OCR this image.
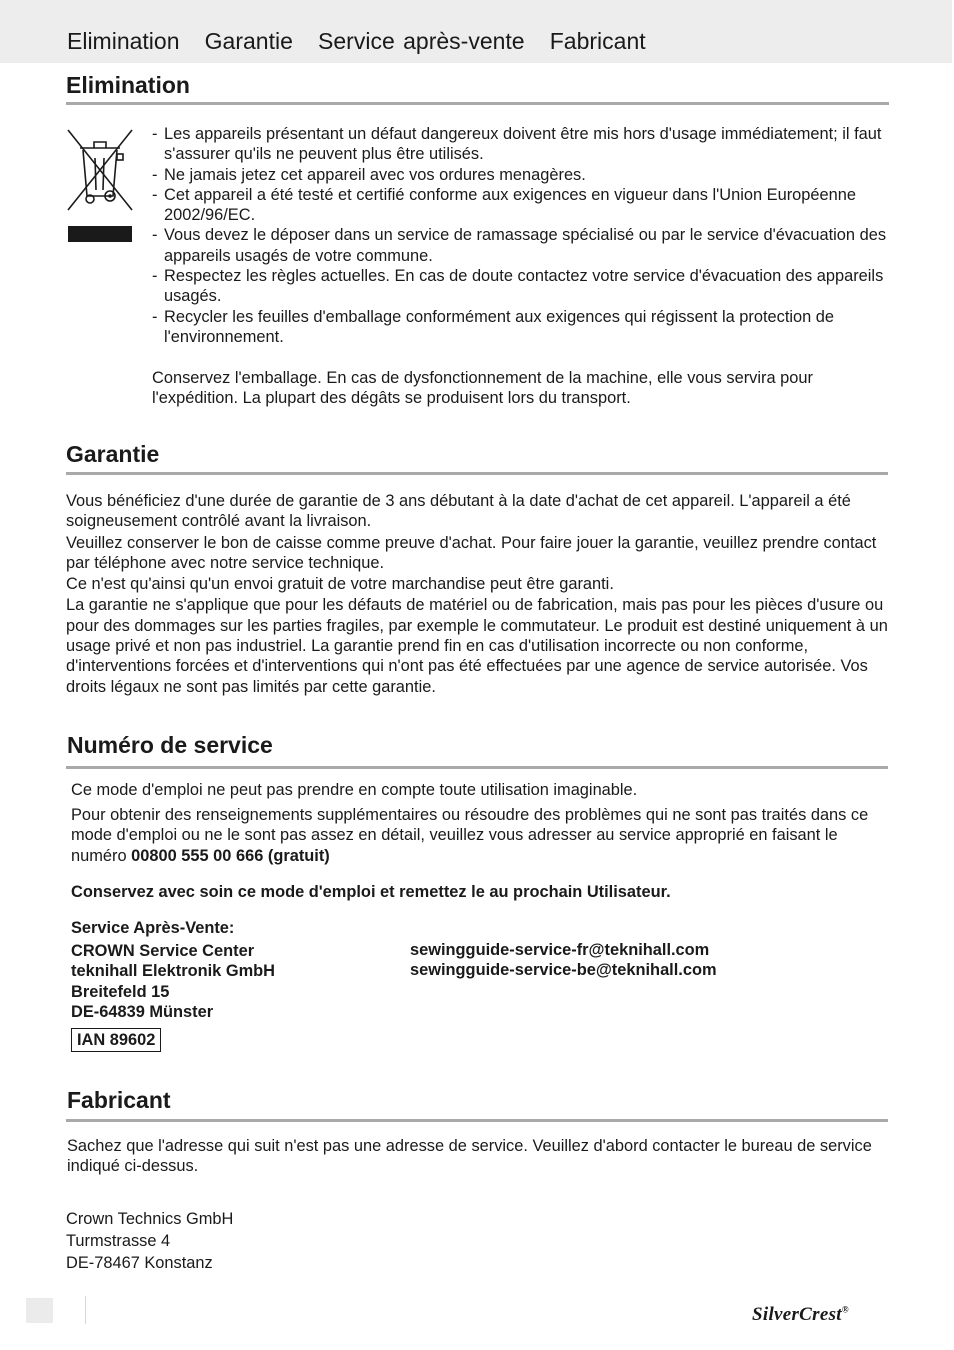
Elimination   Garantie   Service après-vente   Fabricant
Elimination
- Les appareils présentant un défaut dangereux doivent être mis hors d'usage immédiatement; il faut s'assurer qu'ils ne peuvent plus être utilisés.
- Ne jamais jetez cet appareil avec vos ordures menagères.
- Cet appareil a été testé et certifié conforme aux exigences en vigueur dans l'Union Européenne 2002/96/EC.
- Vous devez le déposer dans un service de ramassage spécialisé ou par le service d'évacuation des appareils usagés de votre commune.
- Respectez les règles actuelles. En cas de doute contactez votre service d'évacuation des appareils usagés.
- Recycler les feuilles d'emballage conformément aux exigences qui régissent la protection de l'environnement.
Conservez l'emballage. En cas de dysfonctionnement de la machine, elle vous servira pour l'expédition. La plupart des dégâts se produisent lors du transport.
Garantie

Vous bénéficiez d'une durée de garantie de 3 ans débutant à la date d'achat de cet appareil. L'appareil a été soigneusement contrôlé avant la livraison.

Veuillez conserver le bon de caisse comme preuve d'achat. Pour faire jouer la garantie, veuillez prendre contact par téléphone avec notre service technique.

Ce n'est qu'ainsi qu'un envoi gratuit de votre marchandise peut être garanti.

La garantie ne s'applique que pour les défauts de matériel ou de fabrication, mais pas pour les pièces d'usure ou pour des dommages sur les parties fragiles, par exemple le commutateur. Le produit est destiné uniquement à un usage privé et non pas industriel. La garantie prend fin en cas d'utilisation incorrecte ou non conforme, d'interventions forcées et d'interventions qui n'ont pas été effectuées par une agence de service autorisée. Vos droits légaux ne sont pas limités par cette garantie.

Numéro de service
Ce mode d'emploi ne peut pas prendre en compte toute utilisation imaginable.
Pour obtenir des renseignements supplémentaires ou résoudre des problèmes qui ne sont pas traités dans ce mode d'emploi ou ne le sont pas assez en détail, veuillez vous adresser au service approprié en faisant le numéro 00800 555 00 666 (gratuit)
Conservez avec soin ce mode d'emploi et remettez le au prochain Utilisateur.
Service Après-Vente:
CROWN Service Center
teknihall Elektronik GmbH
Breitefeld 15
DE-64839 Münster
sewingguide-service-fr@teknihall.com
sewingguide-service-be@teknihall.com
IAN 89602
Fabricant
Sachez que l'adresse qui suit n'est pas une adresse de service. Veuillez d'abord contacter le bureau de service indiqué ci-dessus.
Crown Technics GmbH
Turmstrasse 4
DE-78467 Konstanz
SilverCrest®
